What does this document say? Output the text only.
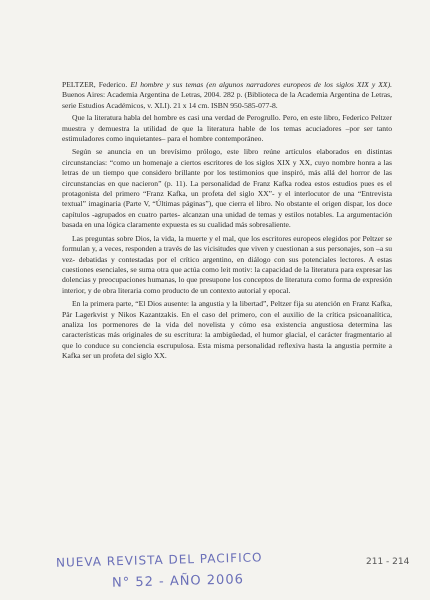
PELTZER, Federico. El hombre y sus temas (en algunos narradores europeos de los siglos XIX y XX). Buenos Aires: Academia Argentina de Letras, 2004. 282 p. (Biblioteca de la Academia Argentina de Letras, serie Estudios Académicos, v. XLI). 21 x 14 cm. ISBN 950-585-077-8.

Que la literatura habla del hombre es casi una verdad de Perogrullo. Pero, en este libro, Federico Peltzer muestra y demuestra la utilidad de que la literatura hable de los temas acuciadores –por ser tanto estimuladores como inquietantes– para el hombre contemporáneo.

Según se anuncia en un brevísimo prólogo, este libro reúne artículos elaborados en distintas circunstancias: “como un homenaje a ciertos escritores de los siglos XIX y XX, cuyo nombre honra a las letras de un tiempo que considero brillante por los testimonios que inspiró, más allá del horror de las circunstancias en que nacieron” (p. 11). La personalidad de Franz Kafka rodea estos estudios pues es el protagonista del primero “Franz Kafka, un profeta del siglo XX”- y el interlocutor de una “Entrevista textual” imaginaria (Parte V, “Últimas páginas”), que cierra el libro. No obstante el origen dispar, los doce capítulos -agrupados en cuatro partes- alcanzan una unidad de temas y estilos notables. La argumentación basada en una lógica claramente expuesta es su cualidad más sobresaliente.

Las preguntas sobre Dios, la vida, la muerte y el mal, que los escritores europeos elegidos por Peltzer se formulan y, a veces, responden a través de las vicisitudes que viven y cuestionan a sus personajes, son –a su vez- debatidas y contestadas por el crítico argentino, en diálogo con sus potenciales lectores. A estas cuestiones esenciales, se suma otra que actúa como leit motiv: la capacidad de la literatura para expresar las dolencias y preocupaciones humanas, lo que presupone los conceptos de literatura como forma de expresión interior, y de obra literaria como producto de un contexto autorial y epocal.

En la primera parte, “El Dios ausente: la angustia y la libertad”, Peltzer fija su atención en Franz Kafka, Pär Lagerkvist y Nikos Kazantzakis. En el caso del primero, con el auxilio de la crítica psicoanalítica, analiza los pormenores de la vida del novelista y cómo esa existencia angustiosa determina las características más originales de su escritura: la ambigüedad, el humor glacial, el carácter fragmentario al que lo conduce su conciencia escrupulosa. Esta misma personalidad reflexiva hasta la angustia permite a Kafka ser un profeta del siglo XX.

NUEVA REVISTA DEL PACIFICO
N° 52 - AÑO 2006
211 - 214
